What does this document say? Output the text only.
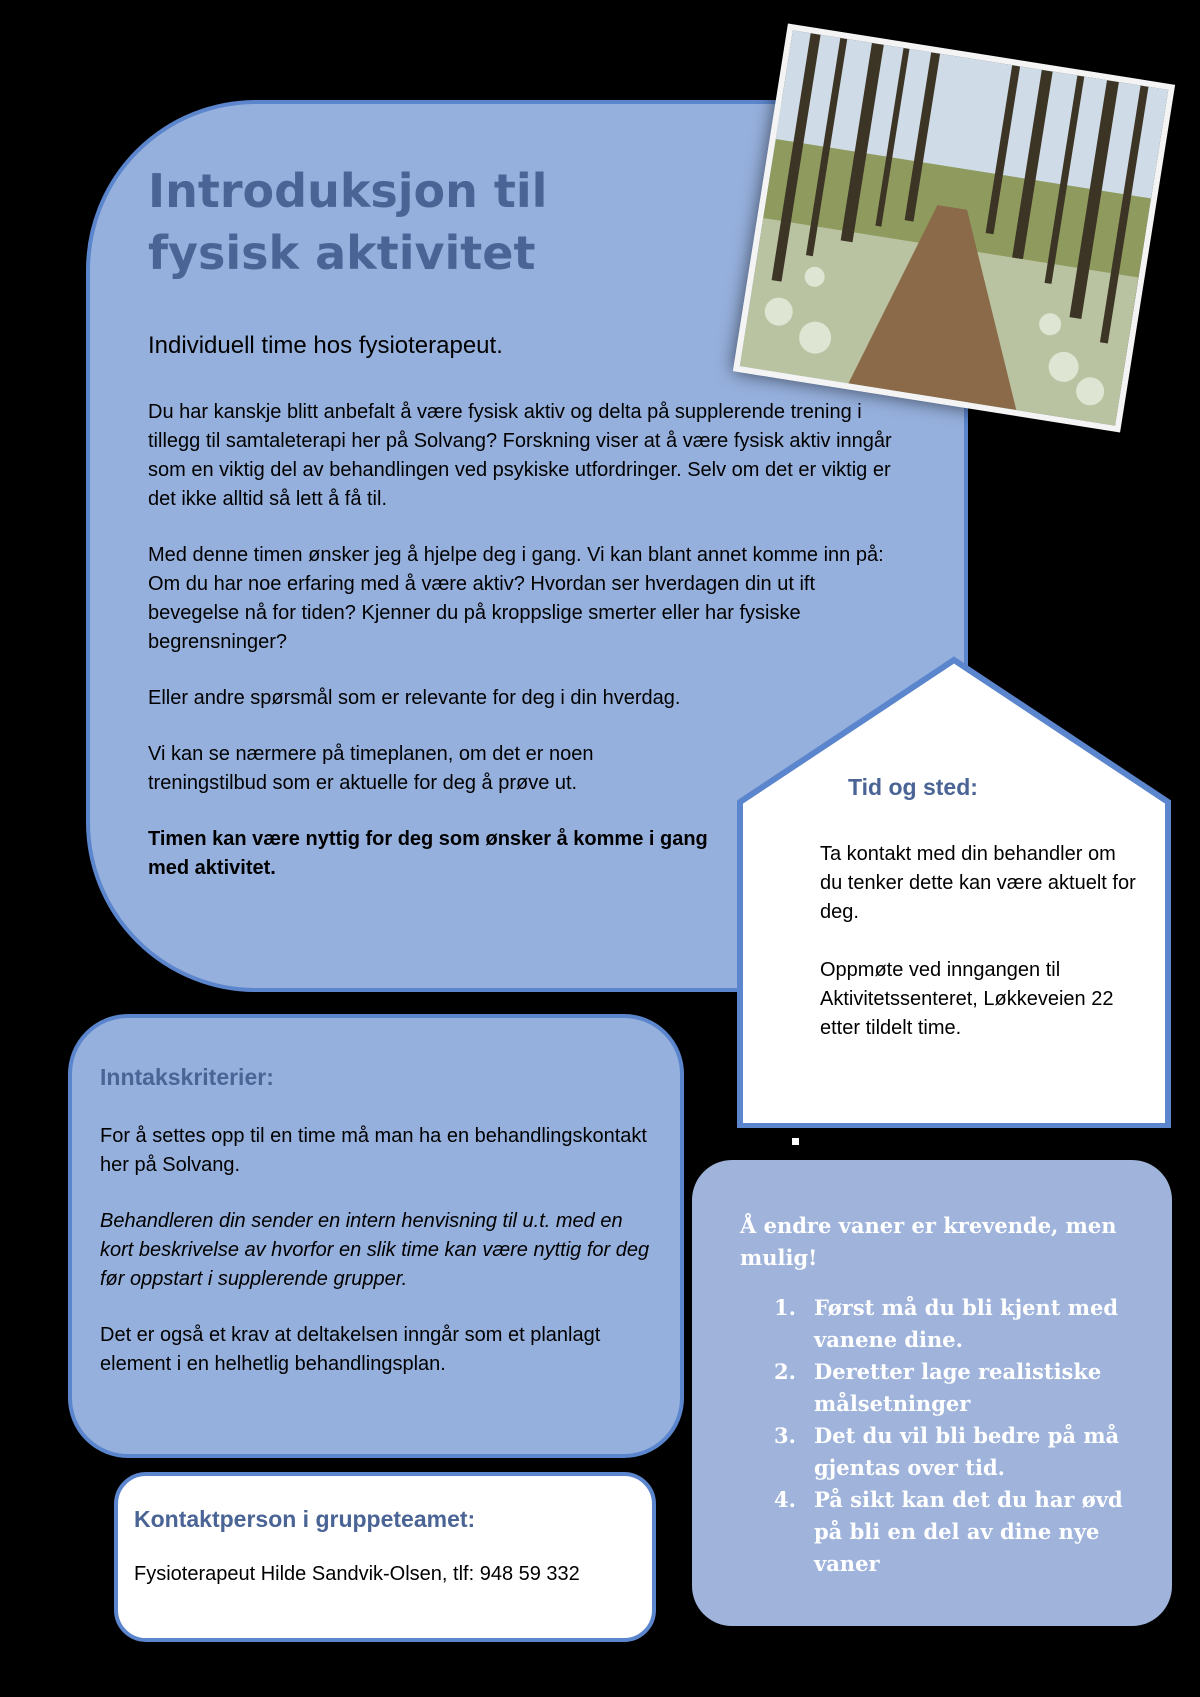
Introduksjon til fysisk aktivitet
Individuell time hos fysioterapeut.

Du har kanskje blitt anbefalt å være fysisk aktiv og delta på supplerende trening i tillegg til samtaleterapi her på Solvang? Forskning viser at å være fysisk aktiv inngår som en viktig del av behandlingen ved psykiske utfordringer. Selv om det er viktig er det ikke alltid så lett å få til.

Med denne timen ønsker jeg å hjelpe deg i gang. Vi kan blant annet komme inn på: Om du har noe erfaring med å være aktiv? Hvordan ser hverdagen din ut ift bevegelse nå for tiden? Kjenner du på kroppslige smerter eller har fysiske begrensninger?

Eller andre spørsmål som er relevante for deg i din hverdag.

Vi kan se nærmere på timeplanen, om det er noen treningstilbud som er aktuelle for deg å prøve ut.

Timen kan være nyttig for deg som ønsker å komme i gang med aktivitet.

Tid og sted:

Ta kontakt med din behandler om du tenker dette kan være aktuelt for deg.

Oppmøte ved inngangen til Aktivitetssenteret, Løkkeveien 22 etter tildelt time.

Inntakskriterier:

For å settes opp til en time må man ha en behandlingskontakt her på Solvang.

Behandleren din sender en intern henvisning til u.t. med en kort beskrivelse av hvorfor en slik time kan være nyttig for deg før oppstart i supplerende grupper.

Det er også et krav at deltakelsen inngår som et planlagt element i en helhetlig behandlingsplan.

Kontaktperson i gruppeteamet:
Fysioterapeut Hilde Sandvik-Olsen, tlf: 948 59 332
Å endre vaner er krevende, men mulig!
1. Først må du bli kjent med vanene dine.
2. Deretter lage realistiske målsetninger
3. Det du vil bli bedre på må gjentas over tid.
4. På sikt kan det du har øvd på bli en del av dine nye vaner
